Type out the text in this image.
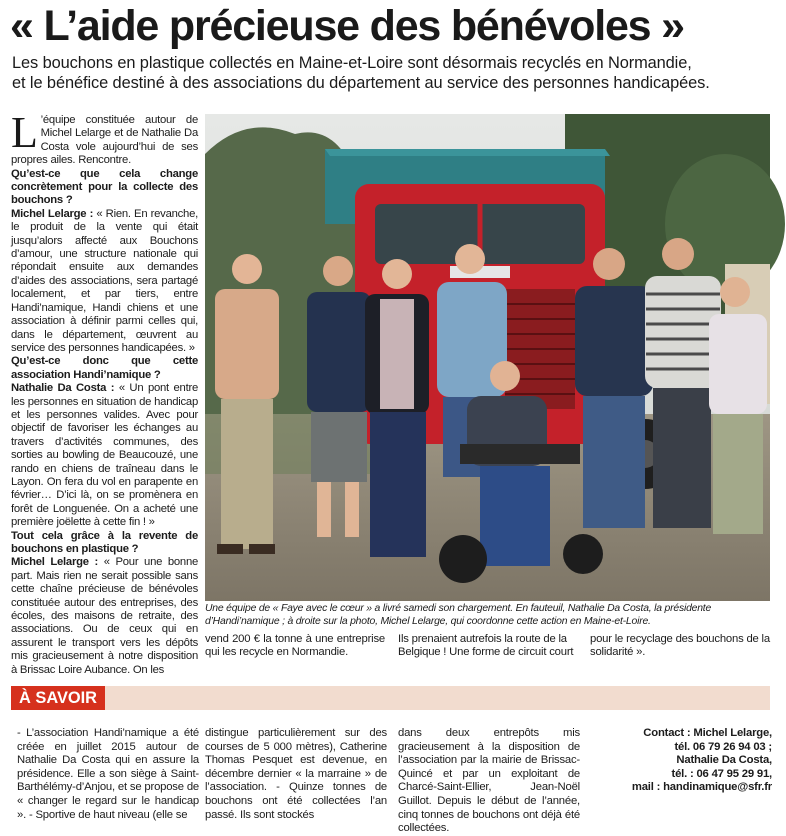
« L’aide précieuse des bénévoles »
Les bouchons en plastique collectés en Maine-et-Loire sont désormais recyclés en Normandie,
et le bénéfice destiné à des associations du département au service des personnes handicapées.
L ’équipe constituée autour de Michel Lelarge et de Nathalie Da Costa vole aujourd’hui de ses propres ailes. Rencontre.

Qu’est-ce que cela change concrètement pour la collecte des bouchons ?

Michel Lelarge : « Rien. En revanche, le produit de la vente qui était jusqu’alors affecté aux Bouchons d’amour, une structure nationale qui répondait ensuite aux demandes d’aides des associations, sera partagé localement, et par tiers, entre Handi’namique, Handi chiens et une association à définir parmi celles qui, dans le département, œuvrent au service des personnes handicapées. »

Qu’est-ce donc que cette association Handi’namique ?

Nathalie Da Costa : « Un pont entre les personnes en situation de handicap et les personnes valides. Avec pour objectif de favoriser les échanges au travers d’activités communes, des sorties au bowling de Beaucouzé, une rando en chiens de traîneau dans le Layon. On fera du vol en parapente en février… D’ici là, on se promènera en forêt de Longuenée. On a acheté une première joëlette à cette fin ! »

Tout cela grâce à la revente de bouchons en plastique ?

Michel Lelarge : « Pour une bonne part. Mais rien ne serait possible sans cette chaîne précieuse de bénévoles constituée autour des entreprises, des écoles, des maisons de retraite, des associations. Ou de ceux qui en assurent le transport vers les dépôts mis gracieusement à notre disposition à Brissac Loire Aubance. On les

Une équipe de « Faye avec le cœur » a livré samedi son chargement. En fauteuil, Nathalie Da Costa, la présidente d’Handi’namique ; à droite sur la photo, Michel Lelarge, qui coordonne cette action en Maine-et-Loire.
vend 200 € la tonne à une entreprise qui les recycle en Normandie.
Ils prenaient autrefois la route de la Belgique ! Une forme de circuit court
pour le recyclage des bouchons de la solidarité ».
À SAVOIR
- L’association Handi’namique a été créée en juillet 2015 autour de Nathalie Da Costa qui en assure la présidence. Elle a son siège à Saint-Barthélémy-d’Anjou, et se propose de « changer le regard sur le handicap ». - Sportive de haut niveau (elle se
distingue particulièrement sur des courses de 5 000 mètres), Catherine Thomas Pesquet est devenue, en décembre dernier « la marraine » de l’association. - Quinze tonnes de bouchons ont été collectées l’an passé. Ils sont stockés
dans deux entrepôts mis gracieusement à la disposition de l’association par la mairie de Brissac-Quincé et par un exploitant de Charcé-Saint-Ellier, Jean-Noël Guillot. Depuis le début de l’année, cinq tonnes de bouchons ont déjà été collectées.
Contact : Michel Lelarge,
tél. 06 79 26 94 03 ;
Nathalie Da Costa,
tél. : 06 47 95 29 91,
mail : handinamique@sfr.fr
